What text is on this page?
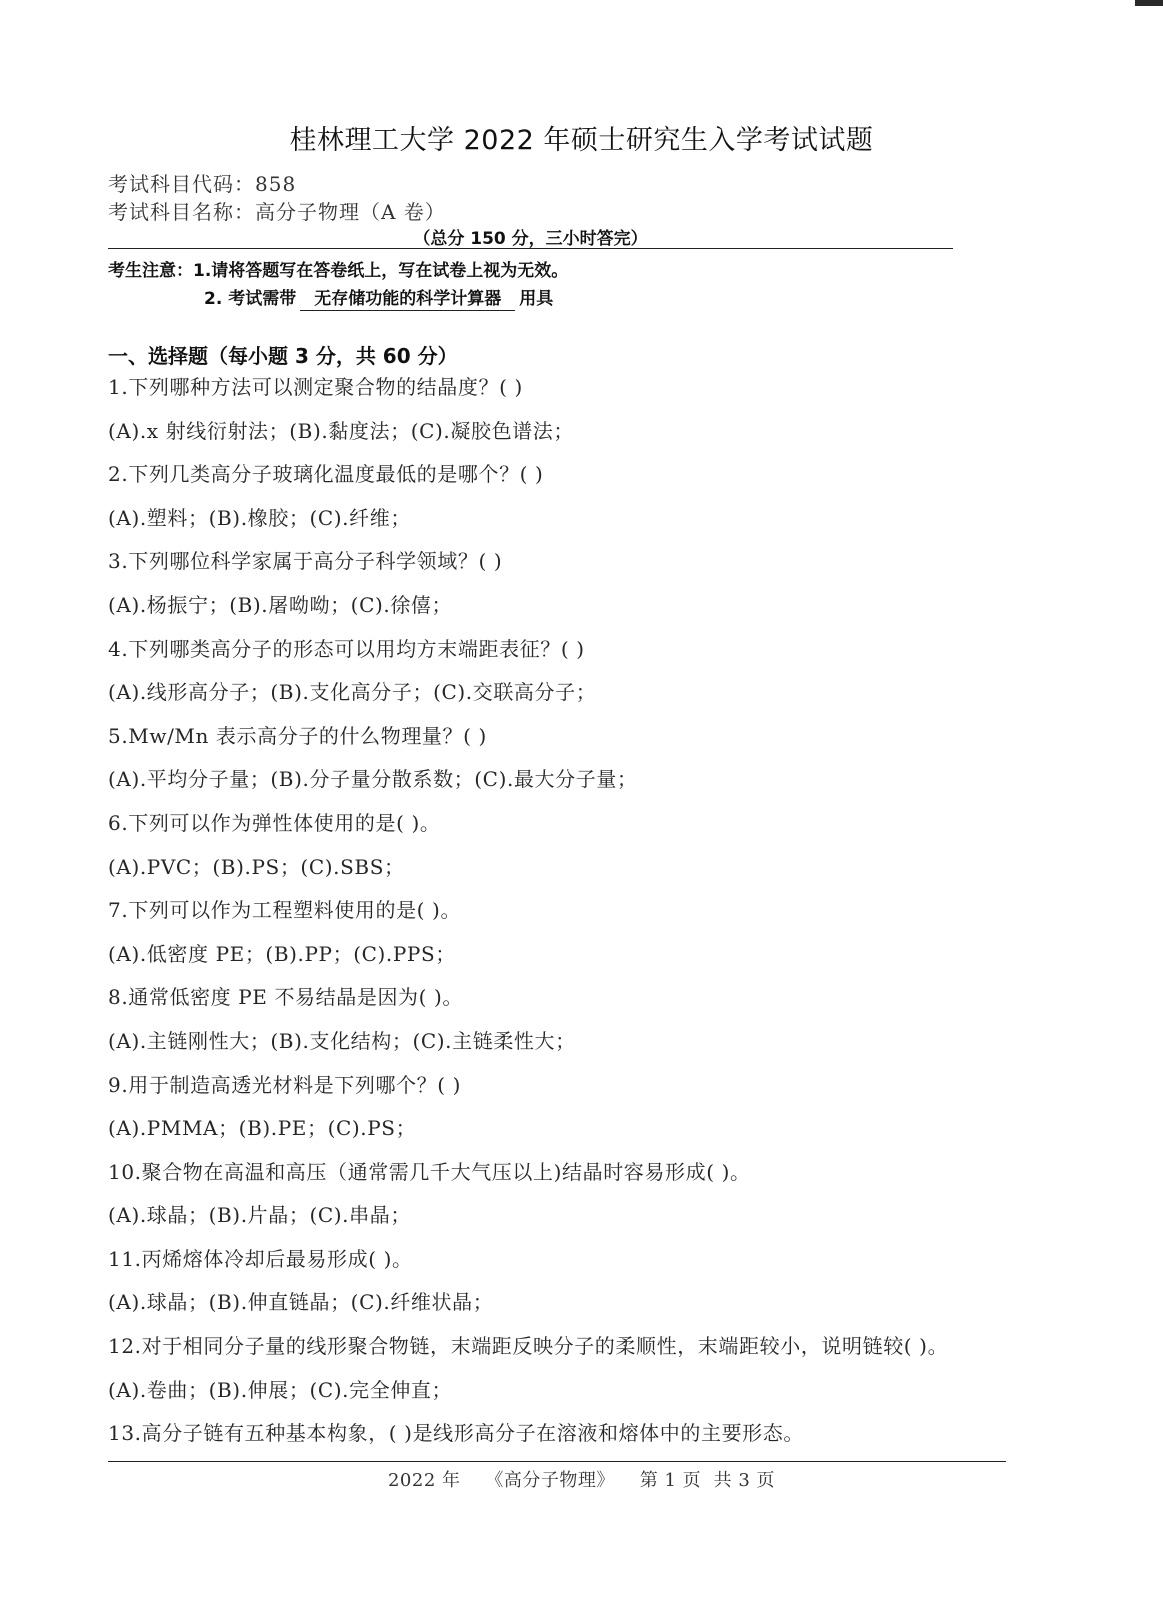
桂林理工大学 2022 年硕士研究生入学考试试题
考试科目代码：858
考试科目名称：高分子物理（A 卷）
（总分 150 分，三小时答完）
考生注意：1.请将答题写在答卷纸上，写在试卷上视为无效。
2. 考试需带 无存储功能的科学计算器 用具
一、选择题（每小题 3 分，共 60 分）
1.下列哪种方法可以测定聚合物的结晶度？( )
(A).x 射线衍射法；(B).黏度法；(C).凝胶色谱法；
2.下列几类高分子玻璃化温度最低的是哪个？( )
(A).塑料；(B).橡胶；(C).纤维；
3.下列哪位科学家属于高分子科学领域？( )
(A).杨振宁；(B).屠呦呦；(C).徐僖；
4.下列哪类高分子的形态可以用均方末端距表征？( )
(A).线形高分子；(B).支化高分子；(C).交联高分子；
5.Mw/Mn 表示高分子的什么物理量？( )
(A).平均分子量；(B).分子量分散系数；(C).最大分子量；
6.下列可以作为弹性体使用的是( )。
(A).PVC；(B).PS；(C).SBS；
7.下列可以作为工程塑料使用的是( )。
(A).低密度 PE；(B).PP；(C).PPS；
8.通常低密度 PE 不易结晶是因为( )。
(A).主链刚性大；(B).支化结构；(C).主链柔性大；
9.用于制造高透光材料是下列哪个？( )
(A).PMMA；(B).PE；(C).PS；
10.聚合物在高温和高压（通常需几千大气压以上)结晶时容易形成( )。
(A).球晶；(B).片晶；(C).串晶；
11.丙烯熔体冷却后最易形成( )。
(A).球晶；(B).伸直链晶；(C).纤维状晶；
12.对于相同分子量的线形聚合物链，末端距反映分子的柔顺性，末端距较小，说明链较( )。
(A).卷曲；(B).伸展；(C).完全伸直；
13.高分子链有五种基本构象，( )是线形高分子在溶液和熔体中的主要形态。
2022 年    《高分子物理》    第 1 页  共 3 页
